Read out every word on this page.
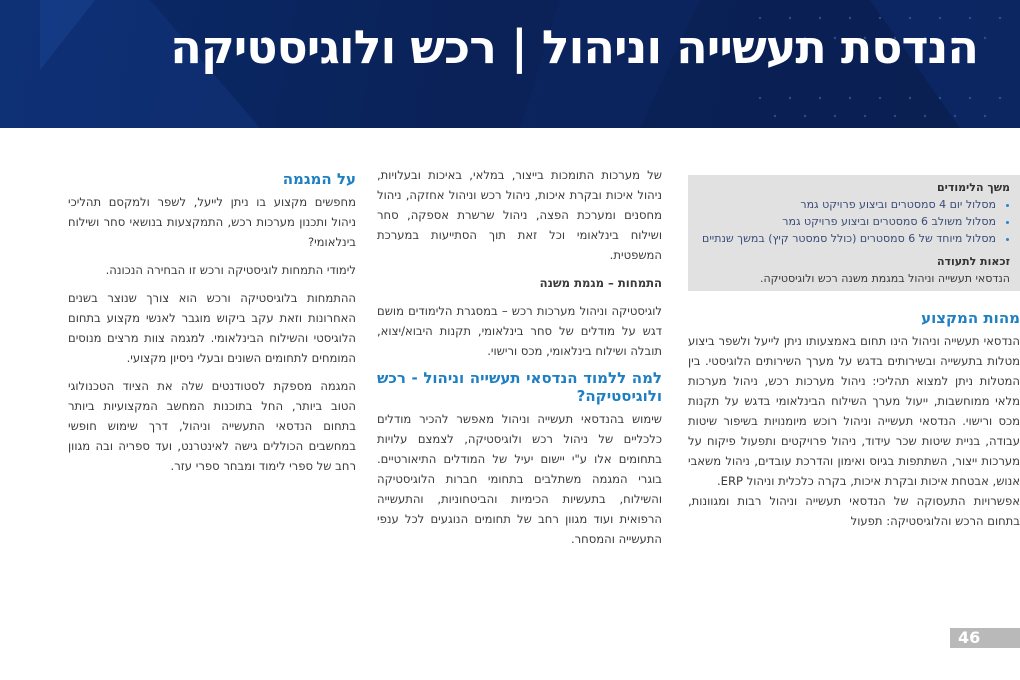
הנדסת תעשייה וניהול | רכש ולוגיסטיקה
משך הלימודים
• מסלול יום 4 סמסטרים וביצוע פרויקט גמר
• מסלול משולב 6 סמסטרים וביצוע פרויקט גמר
• מסלול מיוחד של 6 סמסטרים (כולל סמסטר קיץ) במשך שנתיים
זכאות לתעודה
הנדסאי תעשייה וניהול במגמת משנה רכש ולוגיסטיקה.
מהות המקצוע

הנדסאי תעשייה וניהול הינו תחום באמצעותו ניתן לייעל ולשפר ביצוע מטלות בתעשייה ובשירותים בדגש על מערך השירותים הלוגיסטי. בין המטלות ניתן למצוא תהליכי: ניהול מערכות רכש, ניהול מערכות מלאי ממוחשבות, ייעול מערך השילוח הבינלאומי בדגש על תקנות מכס ורישוי. הנדסאי תעשייה וניהול רוכש מיומנויות בשיפור שיטות עבודה, בניית שיטות שכר עידוד, ניהול פרויקטים ותפעול פיקוח על מערכות ייצור, השתתפות בגיוס ואימון והדרכת עובדים, ניהול משאבי אנוש, אבטחת איכות ובקרת איכות, בקרה כלכלית וניהול ERP.

אפשרויות התעסוקה של הנדסאי תעשייה וניהול רבות ומגוונות, בתחום הרכש והלוגיסטיקה: תפעול

של מערכות התומכות בייצור, במלאי, באיכות ובעלויות, ניהול איכות ובקרת איכות, ניהול רכש וניהול אחזקה, ניהול מחסנים ומערכת הפצה, ניהול שרשרת אספקה, סחר ושילוח בינלאומי וכל זאת תוך הסתייעות במערכת המשפטית.

התמחות – מגמת משנה

לוגיסטיקה וניהול מערכות רכש – במסגרת הלימודים מושם דגש על מודלים של סחר בינלאומי, תקנות היבוא/יצוא, תובלה ושילוח בינלאומי, מכס ורישוי.

למה ללמוד הנדסאי תעשייה וניהול - רכש ולוגיסטיקה?

שימוש בהנדסאי תעשייה וניהול מאפשר להכיר מודלים כלכליים של ניהול רכש ולוגיסטיקה, לצמצם עלויות בתחומים אלו ע"י יישום יעיל של המודלים התיאורטיים. בוגרי המגמה משתלבים בתחומי חברות הלוגיסטיקה והשילוח, בתעשיות הכימיות והביטחוניות, והתעשייה הרפואית ועוד מגוון רחב של תחומים הנוגעים לכל ענפי התעשייה והמסחר.

על המגמה

מחפשים מקצוע בו ניתן לייעל, לשפר ולמקסם תהליכי ניהול ותכנון מערכות רכש, התמקצעות בנושאי סחר ושילוח בינלאומי?

לימודי התמחות לוגיסטיקה ורכש זו הבחירה הנכונה.

ההתמחות בלוגיסטיקה ורכש הוא צורך שנוצר בשנים האחרונות וזאת עקב ביקוש מוגבר לאנשי מקצוע בתחום הלוגיסטי והשילוח הבינלאומי. למגמה צוות מרצים מנוסים המומחים לתחומים השונים ובעלי ניסיון מקצועי.

המגמה מספקת לסטודנטים שלה את הציוד הטכנולוגי הטוב ביותר, החל בתוכנות המחשב המקצועיות ביותר בתחום הנדסאי התעשייה וניהול, דרך שימוש חופשי במחשבים הכוללים גישה לאינטרנט, ועד ספריה ובה מגוון רחב של ספרי לימוד ומבחר ספרי עזר.

46
